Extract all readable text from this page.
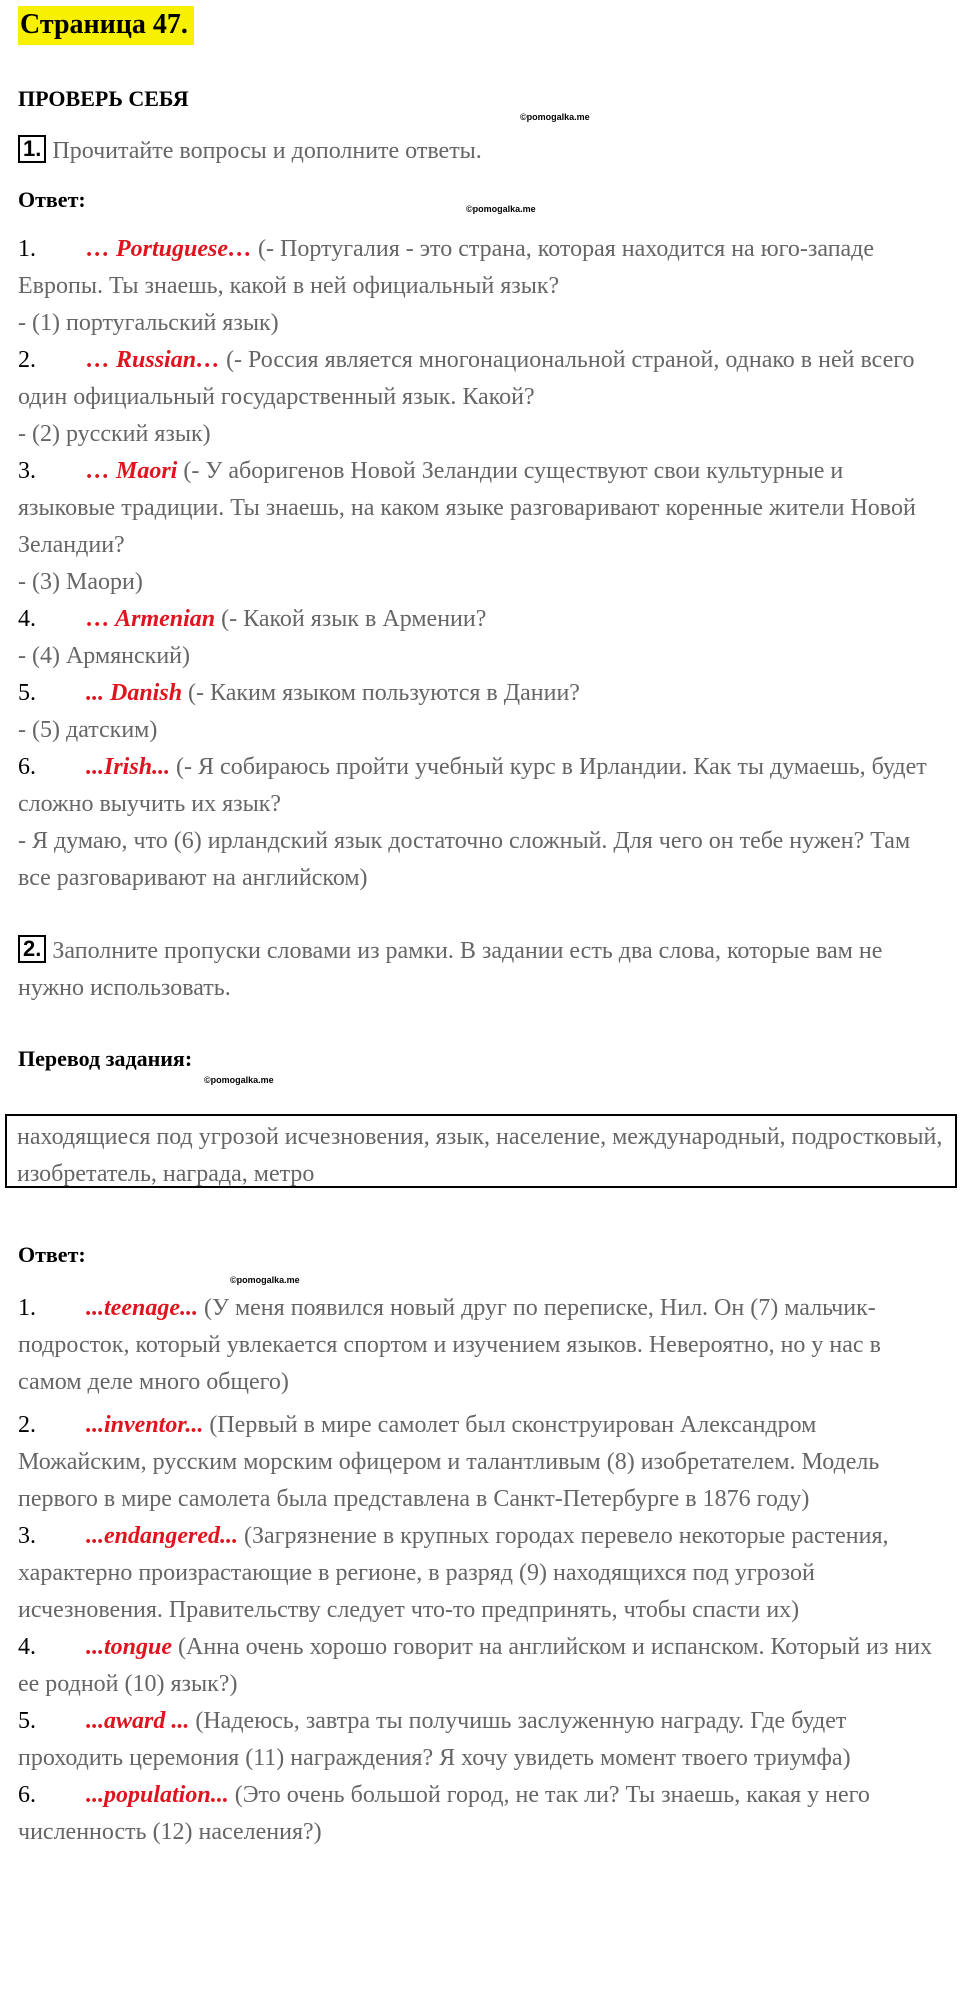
Страница 47.
ПРОВЕРЬ СЕБЯ
©pomogalka.me
1. Прочитайте вопросы и дополните ответы.
Ответ:	©pomogalka.me
1. … Portuguese… (- Португалия - это страна, которая находится на юго-западе Европы. Ты знаешь, какой в ней официальный язык?
- (1) португальский язык)
2. … Russian… (- Россия является многонациональной страной, однако в ней всего один официальный государственный язык. Какой?
- (2) русский язык)
3. … Maori (- У аборигенов Новой Зеландии существуют свои культурные и языковые традиции. Ты знаешь, на каком языке разговаривают коренные жители Новой Зеландии?
- (3) Маори)
4. … Armenian (- Какой язык в Армении?
- (4) Армянский)
5. ... Danish (- Каким языком пользуются в Дании?
- (5) датским)
6. ...Irish... (- Я собираюсь пройти учебный курс в Ирландии. Как ты думаешь, будет сложно выучить их язык?
- Я думаю, что (6) ирландский язык достаточно сложный. Для чего он тебе нужен? Там все разговаривают на английском)
2. Заполните пропуски словами из рамки. В задании есть два слова, которые вам не нужно использовать.
Перевод задания:
©pomogalka.me
находящиеся под угрозой исчезновения, язык, население, международный, подростковый, изобретатель, награда, метро
Ответ:
©pomogalka.me
1. ...teenage... (У меня появился новый друг по переписке, Нил. Он (7) мальчик-подросток, который увлекается спортом и изучением языков. Невероятно, но у нас в самом деле много общего)
2. ...inventor... (Первый в мире самолет был сконструирован Александром Можайским, русским морским офицером и талантливым (8) изобретателем. Модель первого в мире самолета была представлена в Санкт-Петербурге в 1876 году)
3. ...endangered... (Загрязнение в крупных городах перевело некоторые растения, характерно произрастающие в регионе, в разряд (9) находящихся под угрозой исчезновения. Правительству следует что-то предпринять, чтобы спасти их)
4. ...tongue (Анна очень хорошо говорит на английском и испанском. Который из них ее родной (10) язык?)
5. ...award ... (Надеюсь, завтра ты получишь заслуженную награду. Где будет проходить церемония (11) награждения? Я хочу увидеть момент твоего триумфа)
6. ...population... (Это очень большой город, не так ли? Ты знаешь, какая у него численность (12) населения?)
